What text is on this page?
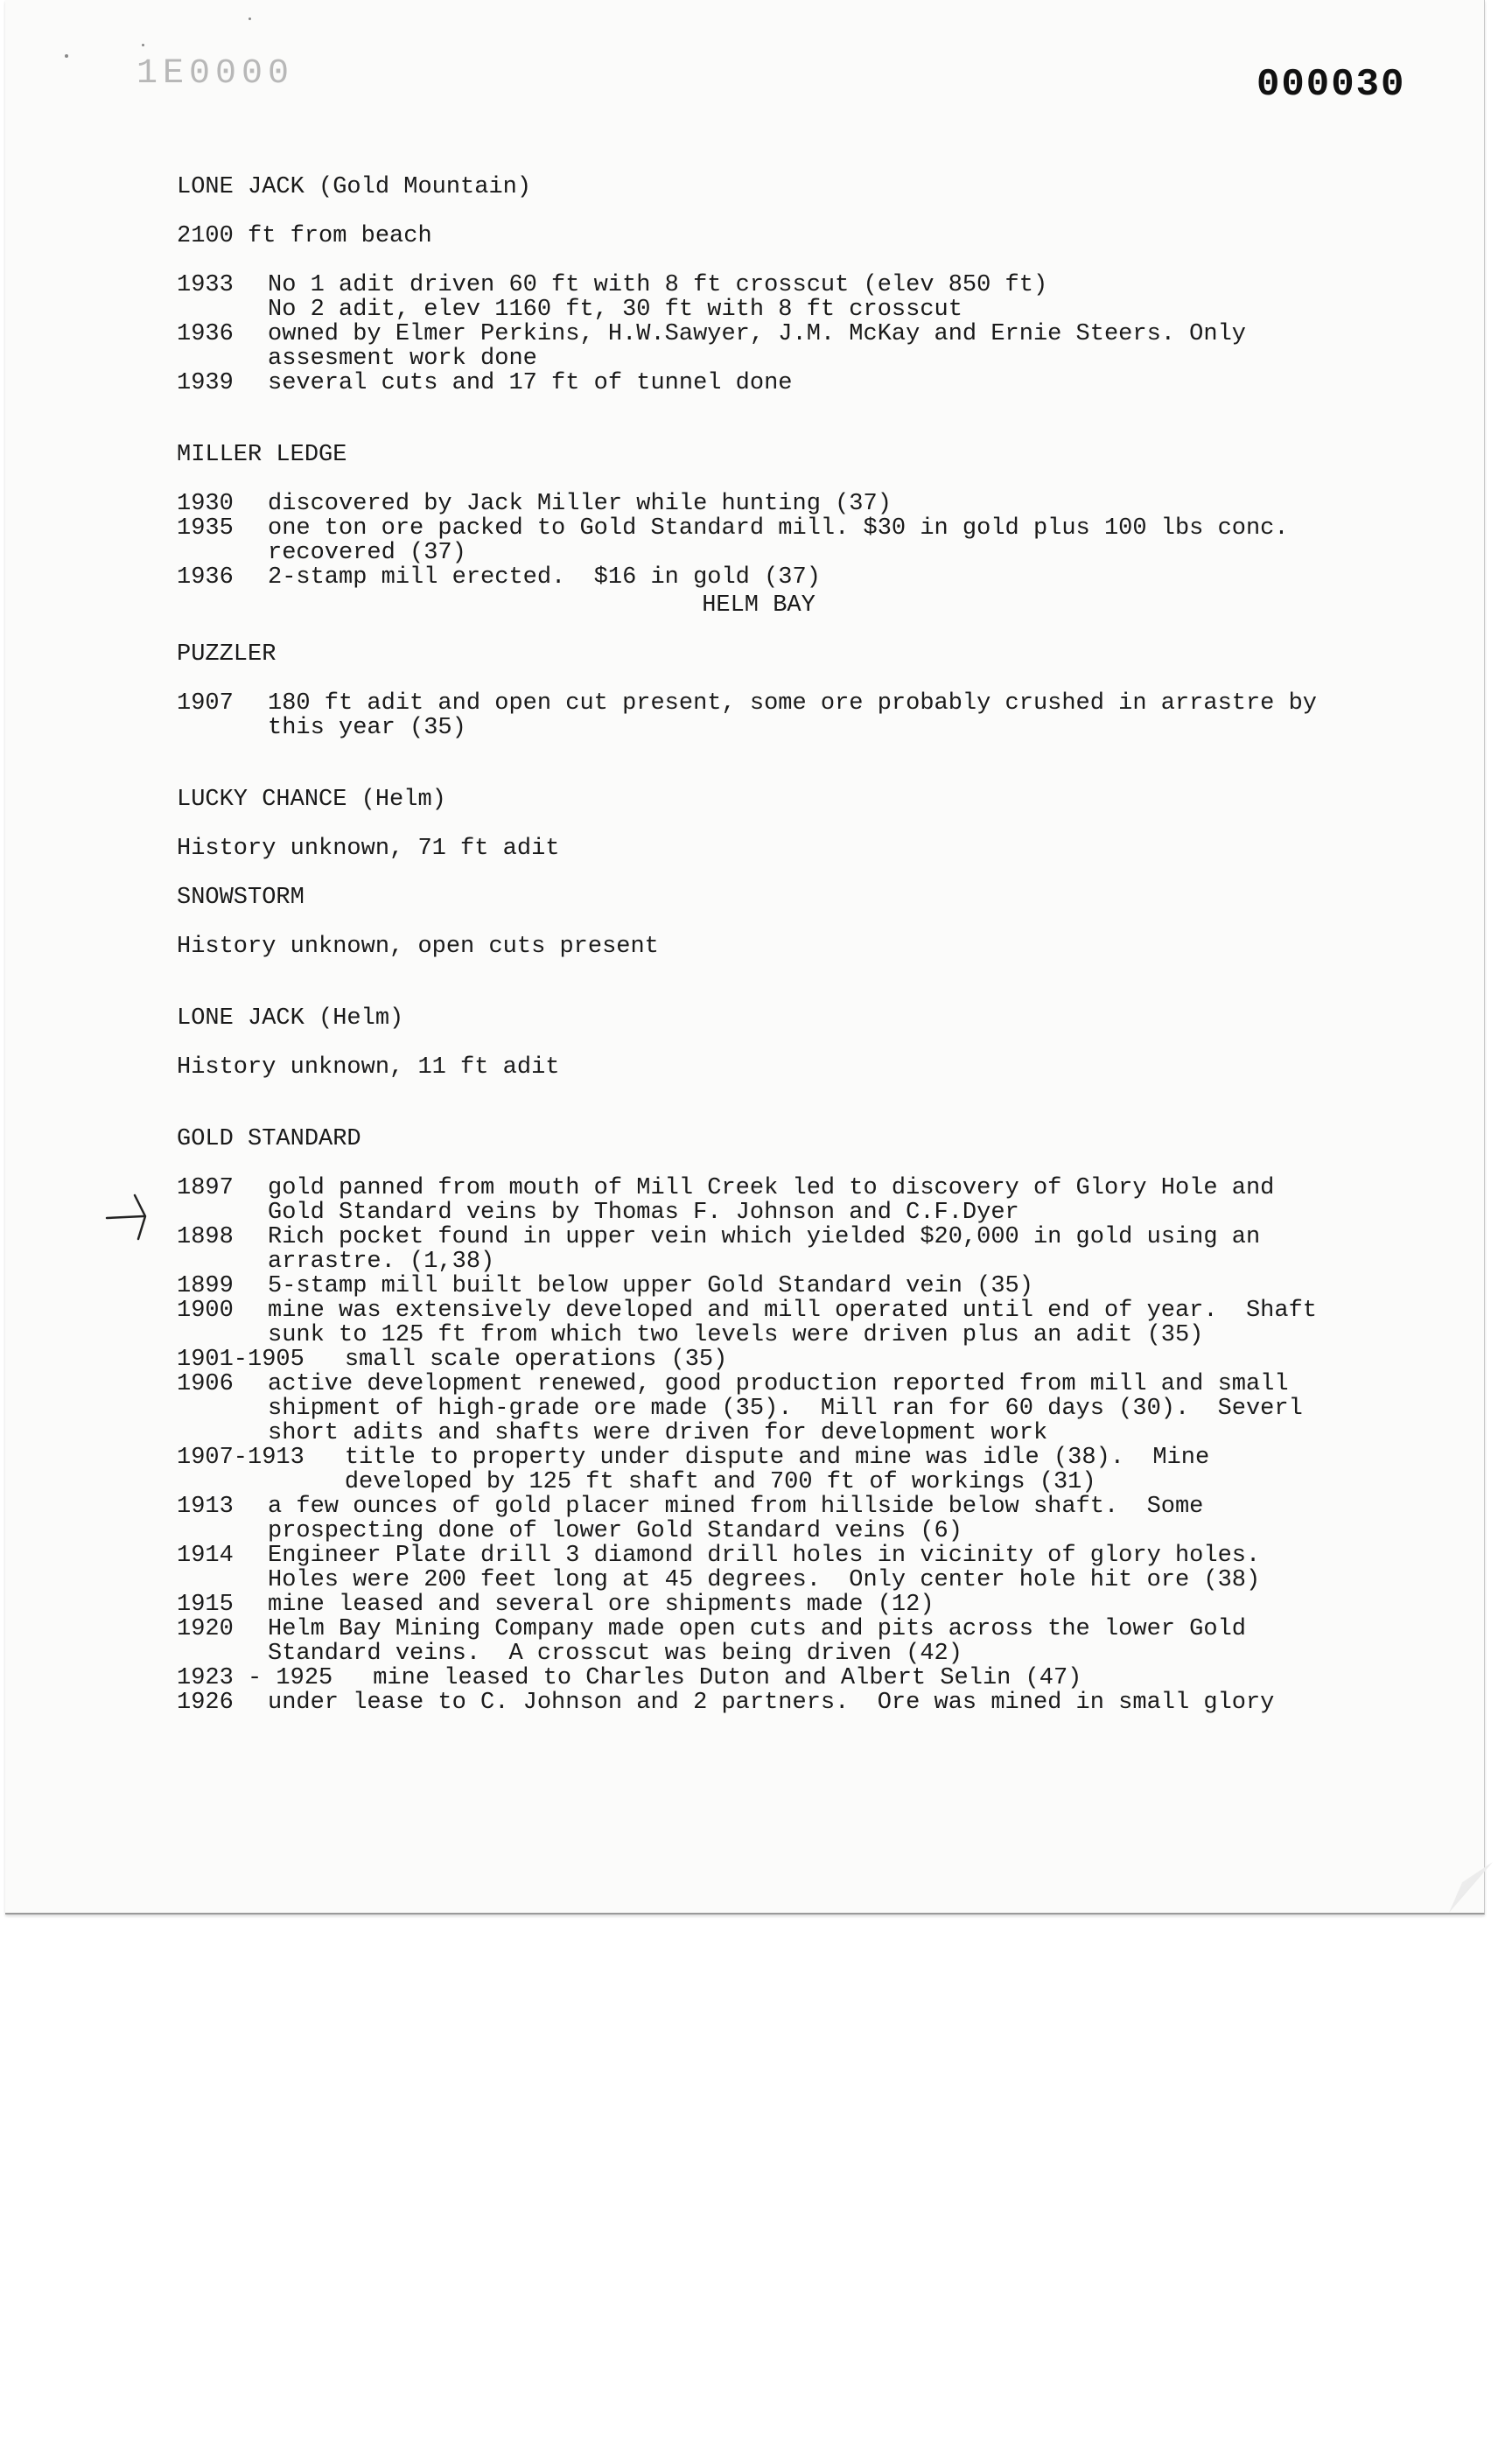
1E0000	000030

LONE JACK (Gold Mountain)

2100 ft from beach

1933	No 1 adit driven 60 ft with 8 ft crosscut (elev 850 ft)
No 2 adit, elev 1160 ft, 30 ft with 8 ft crosscut
1936	owned by Elmer Perkins, H.W.Sawyer, J.M. McKay and Ernie Steers. Only
assesment work done
1939	several cuts and 17 ft of tunnel done

MILLER LEDGE

1930	discovered by Jack Miller while hunting (37)
1935	one ton ore packed to Gold Standard mill. $30 in gold plus 100 lbs conc.
recovered (37)
1936	2-stamp mill erected.  $16 in gold (37)

HELM BAY

PUZZLER

1907	180 ft adit and open cut present, some ore probably crushed in arrastre by
this year (35)

LUCKY CHANCE (Helm)

History unknown, 71 ft adit

SNOWSTORM

History unknown, open cuts present

LONE JACK (Helm)

History unknown, 11 ft adit

GOLD STANDARD

1897	gold panned from mouth of Mill Creek led to discovery of Glory Hole and
Gold Standard veins by Thomas F. Johnson and C.F.Dyer
1898	Rich pocket found in upper vein which yielded $20,000 in gold using an
arrastre. (1,38)
1899	5-stamp mill built below upper Gold Standard vein (35)
1900	mine was extensively developed and mill operated until end of year.  Shaft
sunk to 125 ft from which two levels were driven plus an adit (35)
1901-1905 small scale operations (35)
1906	active development renewed, good production reported from mill and small
shipment of high-grade ore made (35).  Mill ran for 60 days (30).  Severl
short adits and shafts were driven for development work
1907-1913 title to property under dispute and mine was idle (38).  Mine
developed by 125 ft shaft and 700 ft of workings (31)
1913	a few ounces of gold placer mined from hillside below shaft.  Some
prospecting done of lower Gold Standard veins (6)
1914	Engineer Plate drill 3 diamond drill holes in vicinity of glory holes.
Holes were 200 feet long at 45 degrees.  Only center hole hit ore (38)
1915	mine leased and several ore shipments made (12)
1920	Helm Bay Mining Company made open cuts and pits across the lower Gold
Standard veins.  A crosscut was being driven (42)
1923 - 1925 mine leased to Charles Duton and Albert Selin (47)
1926	under lease to C. Johnson and 2 partners.  Ore was mined in small glory
